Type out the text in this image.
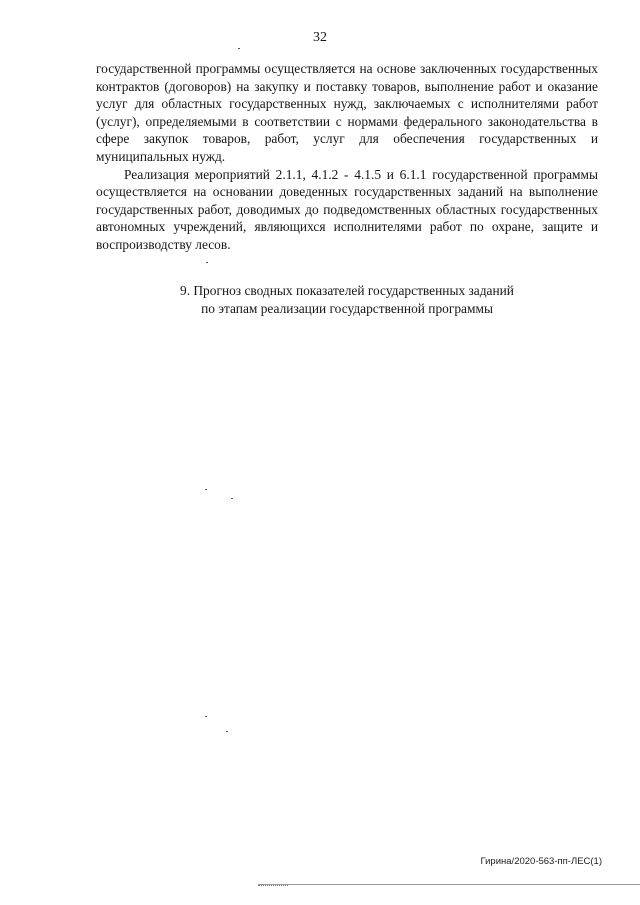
32

государственной программы осуществляется на основе заключенных государственных контрактов (договоров) на закупку и поставку товаров, выполнение работ и оказание услуг для областных государственных нужд, заключаемых с исполнителями работ (услуг), определяемыми в соответствии с нормами федерального законодательства в сфере закупок товаров, работ, услуг для обеспечения государственных и муниципальных нужд.

Реализация мероприятий 2.1.1, 4.1.2 - 4.1.5 и 6.1.1 государственной программы осуществляется на основании доведенных государственных заданий на выполнение государственных работ, доводимых до подведомственных областных государственных автономных учреждений, являющихся исполнителями работ по охране, защите и воспроизводству лесов.

9. Прогноз сводных показателей государственных заданий
по этапам реализации государственной программы
Гирина/2020-563-пп-ЛЕС(1)
